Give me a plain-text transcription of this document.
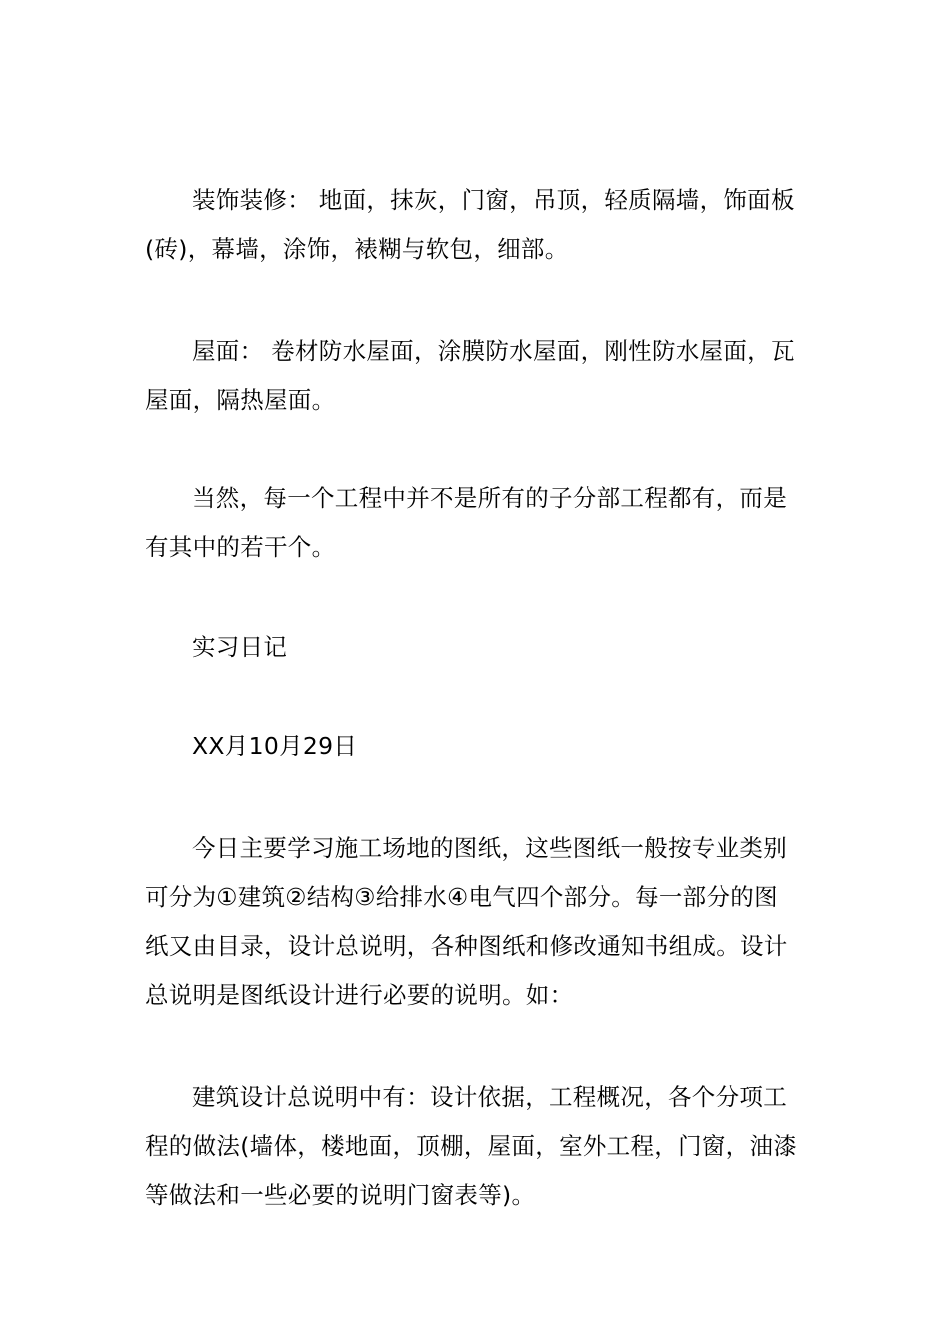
装饰装修： 地面，抹灰，门窗，吊顶，轻质隔墙，饰面板
(砖)，幕墙，涂饰，裱糊与软包，细部。

屋面： 卷材防水屋面，涂膜防水屋面，刚性防水屋面，瓦
屋面，隔热屋面。

当然，每一个工程中并不是所有的子分部工程都有，而是
有其中的若干个。

实习日记

XX月10月29日

今日主要学习施工场地的图纸，这些图纸一般按专业类别
可分为①建筑②结构③给排水④电气四个部分。每一部分的图
纸又由目录，设计总说明，各种图纸和修改通知书组成。设计
总说明是图纸设计进行必要的说明。如：

建筑设计总说明中有：设计依据，工程概况，各个分项工
程的做法(墙体，楼地面，顶棚，屋面，室外工程，门窗，油漆
等做法和一些必要的说明门窗表等)。
